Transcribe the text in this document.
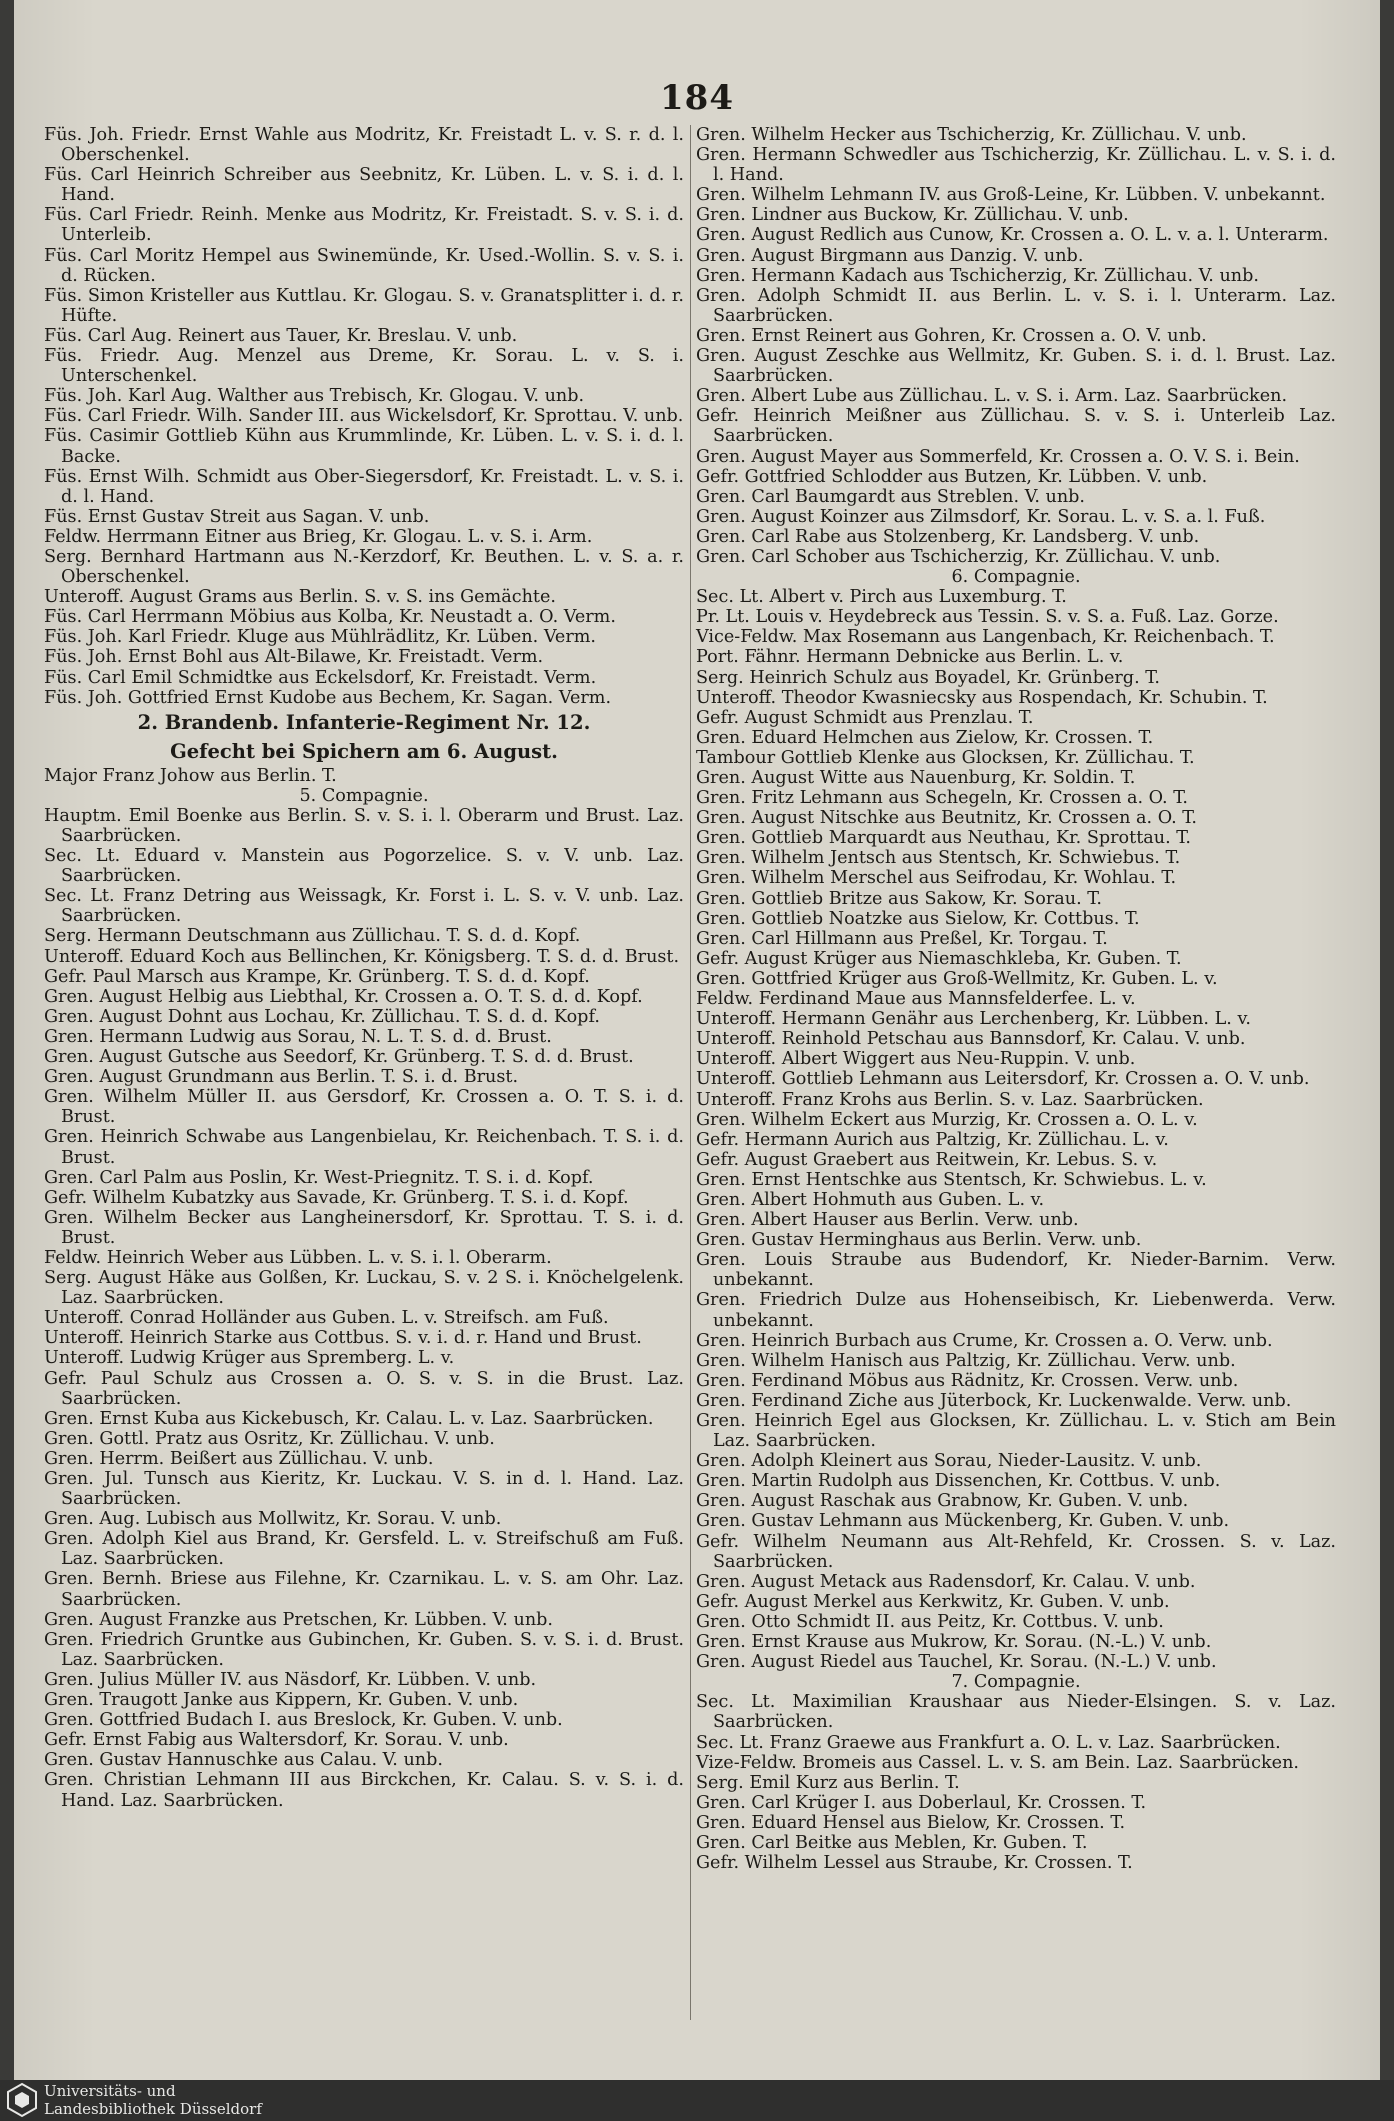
184
Füs. Joh. Friedr. Ernst Wahle aus Modritz, Kr. Freistadt L. v. S. r. d. l. Oberschenkel.
Füs. Carl Heinrich Schreiber aus Seebnitz, Kr. Lüben. L. v. S. i. d. l. Hand.
Füs. Carl Friedr. Reinh. Menke aus Modritz, Kr. Freistadt. S. v. S. i. d. Unterleib.
Füs. Carl Moritz Hempel aus Swinemünde, Kr. Used.-Wollin. S. v. S. i. d. Rücken.
Füs. Simon Kristeller aus Kuttlau. Kr. Glogau. S. v. Granatsplitter i. d. r. Hüfte.
Füs. Carl Aug. Reinert aus Tauer, Kr. Breslau. V. unb.
Füs. Friedr. Aug. Menzel aus Dreme, Kr. Sorau. L. v. S. i. Unterschenkel.
Füs. Joh. Karl Aug. Walther aus Trebisch, Kr. Glogau. V. unb.
Füs. Carl Friedr. Wilh. Sander III. aus Wickelsdorf, Kr. Sprottau. V. unb.
Füs. Casimir Gottlieb Kühn aus Krummlinde, Kr. Lüben. L. v. S. i. d. l. Backe.
Füs. Ernst Wilh. Schmidt aus Ober-Siegersdorf, Kr. Freistadt. L. v. S. i. d. l. Hand.
Füs. Ernst Gustav Streit aus Sagan. V. unb.
Feldw. Herrmann Eitner aus Brieg, Kr. Glogau. L. v. S. i. Arm.
Serg. Bernhard Hartmann aus N.-Kerzdorf, Kr. Beuthen. L. v. S. a. r. Oberschenkel.
Unteroff. August Grams aus Berlin. S. v. S. ins Gemächte.
Füs. Carl Herrmann Möbius aus Kolba, Kr. Neustadt a. O. Verm.
Füs. Joh. Karl Friedr. Kluge aus Mühlrädlitz, Kr. Lüben. Verm.
Füs. Joh. Ernst Bohl aus Alt-Bilawe, Kr. Freistadt. Verm.
Füs. Carl Emil Schmidtke aus Eckelsdorf, Kr. Freistadt. Verm.
Füs. Joh. Gottfried Ernst Kudobe aus Bechem, Kr. Sagan. Verm.
2. Brandenb. Infanterie-Regiment Nr. 12.
Gefecht bei Spichern am 6. August.
Major Franz Johow aus Berlin. T.
5. Compagnie.
Hauptm. Emil Boenke aus Berlin. S. v. S. i. l. Oberarm und Brust. Laz. Saarbrücken.
Sec. Lt. Eduard v. Manstein aus Pogorzelice. S. v. V. unb. Laz. Saarbrücken.
Sec. Lt. Franz Detring aus Weissagk, Kr. Forst i. L. S. v. V. unb. Laz. Saarbrücken.
Serg. Hermann Deutschmann aus Züllichau. T. S. d. d. Kopf.
Unteroff. Eduard Koch aus Bellinchen, Kr. Königsberg. T. S. d. d. Brust.
Gefr. Paul Marsch aus Krampe, Kr. Grünberg. T. S. d. d. Kopf.
Gren. August Helbig aus Liebthal, Kr. Crossen a. O. T. S. d. d. Kopf.
Gren. August Dohnt aus Lochau, Kr. Züllichau. T. S. d. d. Kopf.
Gren. Hermann Ludwig aus Sorau, N. L. T. S. d. d. Brust.
Gren. August Gutsche aus Seedorf, Kr. Grünberg. T. S. d. d. Brust.
Gren. August Grundmann aus Berlin. T. S. i. d. Brust.
Gren. Wilhelm Müller II. aus Gersdorf, Kr. Crossen a. O. T. S. i. d. Brust.
Gren. Heinrich Schwabe aus Langenbielau, Kr. Reichenbach. T. S. i. d. Brust.
Gren. Carl Palm aus Poslin, Kr. West-Priegnitz. T. S. i. d. Kopf.
Gefr. Wilhelm Kubatzky aus Savade, Kr. Grünberg. T. S. i. d. Kopf.
Gren. Wilhelm Becker aus Langheinersdorf, Kr. Sprottau. T. S. i. d. Brust.
Feldw. Heinrich Weber aus Lübben. L. v. S. i. l. Oberarm.
Serg. August Häke aus Golßen, Kr. Luckau, S. v. 2 S. i. Knöchelgelenk. Laz. Saarbrücken.
Unteroff. Conrad Holländer aus Guben. L. v. Streifsch. am Fuß.
Unteroff. Heinrich Starke aus Cottbus. S. v. i. d. r. Hand und Brust.
Unteroff. Ludwig Krüger aus Spremberg. L. v.
Gefr. Paul Schulz aus Crossen a. O. S. v. S. in die Brust. Laz. Saarbrücken.
Gren. Ernst Kuba aus Kickebusch, Kr. Calau. L. v. Laz. Saarbrücken.
Gren. Gottl. Pratz aus Osritz, Kr. Züllichau. V. unb.
Gren. Herrm. Beißert aus Züllichau. V. unb.
Gren. Jul. Tunsch aus Kieritz, Kr. Luckau. V. S. in d. l. Hand. Laz. Saarbrücken.
Gren. Aug. Lubisch aus Mollwitz, Kr. Sorau. V. unb.
Gren. Adolph Kiel aus Brand, Kr. Gersfeld. L. v. Streifschuß am Fuß. Laz. Saarbrücken.
Gren. Bernh. Briese aus Filehne, Kr. Czarnikau. L. v. S. am Ohr. Laz. Saarbrücken.
Gren. August Franzke aus Pretschen, Kr. Lübben. V. unb.
Gren. Friedrich Gruntke aus Gubinchen, Kr. Guben. S. v. S. i. d. Brust. Laz. Saarbrücken.
Gren. Julius Müller IV. aus Näsdorf, Kr. Lübben. V. unb.
Gren. Traugott Janke aus Kippern, Kr. Guben. V. unb.
Gren. Gottfried Budach I. aus Breslock, Kr. Guben. V. unb.
Gefr. Ernst Fabig aus Waltersdorf, Kr. Sorau. V. unb.
Gren. Gustav Hannuschke aus Calau. V. unb.
Gren. Christian Lehmann III aus Birckchen, Kr. Calau. S. v. S. i. d. Hand. Laz. Saarbrücken.
Gren. Wilhelm Hecker aus Tschicherzig, Kr. Züllichau. V. unb.
Gren. Hermann Schwedler aus Tschicherzig, Kr. Züllichau. L. v. S. i. d. l. Hand.
Gren. Wilhelm Lehmann IV. aus Groß-Leine, Kr. Lübben. V. unbekannt.
Gren. Lindner aus Buckow, Kr. Züllichau. V. unb.
Gren. August Redlich aus Cunow, Kr. Crossen a. O. L. v. a. l. Unterarm.
Gren. August Birgmann aus Danzig. V. unb.
Gren. Hermann Kadach aus Tschicherzig, Kr. Züllichau. V. unb.
Gren. Adolph Schmidt II. aus Berlin. L. v. S. i. l. Unterarm. Laz. Saarbrücken.
Gren. Ernst Reinert aus Gohren, Kr. Crossen a. O. V. unb.
Gren. August Zeschke aus Wellmitz, Kr. Guben. S. i. d. l. Brust. Laz. Saarbrücken.
Gren. Albert Lube aus Züllichau. L. v. S. i. Arm. Laz. Saarbrücken.
Gefr. Heinrich Meißner aus Züllichau. S. v. S. i. Unterleib Laz. Saarbrücken.
Gren. August Mayer aus Sommerfeld, Kr. Crossen a. O. V. S. i. Bein.
Gefr. Gottfried Schlodder aus Butzen, Kr. Lübben. V. unb.
Gren. Carl Baumgardt aus Streblen. V. unb.
Gren. August Koinzer aus Zilmsdorf, Kr. Sorau. L. v. S. a. l. Fuß.
Gren. Carl Rabe aus Stolzenberg, Kr. Landsberg. V. unb.
Gren. Carl Schober aus Tschicherzig, Kr. Züllichau. V. unb.
6. Compagnie.
Sec. Lt. Albert v. Pirch aus Luxemburg. T.
Pr. Lt. Louis v. Heydebreck aus Tessin. S. v. S. a. Fuß. Laz. Gorze.
Vice-Feldw. Max Rosemann aus Langenbach, Kr. Reichenbach. T.
Port. Fähnr. Hermann Debnicke aus Berlin. L. v.
Serg. Heinrich Schulz aus Boyadel, Kr. Grünberg. T.
Unteroff. Theodor Kwasniecsky aus Rospendach, Kr. Schubin. T.
Gefr. August Schmidt aus Prenzlau. T.
Gren. Eduard Helmchen aus Zielow, Kr. Crossen. T.
Tambour Gottlieb Klenke aus Glocksen, Kr. Züllichau. T.
Gren. August Witte aus Nauenburg, Kr. Soldin. T.
Gren. Fritz Lehmann aus Schegeln, Kr. Crossen a. O. T.
Gren. August Nitschke aus Beutnitz, Kr. Crossen a. O. T.
Gren. Gottlieb Marquardt aus Neuthau, Kr. Sprottau. T.
Gren. Wilhelm Jentsch aus Stentsch, Kr. Schwiebus. T.
Gren. Wilhelm Merschel aus Seifrodau, Kr. Wohlau. T.
Gren. Gottlieb Britze aus Sakow, Kr. Sorau. T.
Gren. Gottlieb Noatzke aus Sielow, Kr. Cottbus. T.
Gren. Carl Hillmann aus Preßel, Kr. Torgau. T.
Gefr. August Krüger aus Niemaschkleba, Kr. Guben. T.
Gren. Gottfried Krüger aus Groß-Wellmitz, Kr. Guben. L. v.
Feldw. Ferdinand Maue aus Mannsfelderfee. L. v.
Unteroff. Hermann Genähr aus Lerchenberg, Kr. Lübben. L. v.
Unteroff. Reinhold Petschau aus Bannsdorf, Kr. Calau. V. unb.
Unteroff. Albert Wiggert aus Neu-Ruppin. V. unb.
Unteroff. Gottlieb Lehmann aus Leitersdorf, Kr. Crossen a. O. V. unb.
Unteroff. Franz Krohs aus Berlin. S. v. Laz. Saarbrücken.
Gren. Wilhelm Eckert aus Murzig, Kr. Crossen a. O. L. v.
Gefr. Hermann Aurich aus Paltzig, Kr. Züllichau. L. v.
Gefr. August Graebert aus Reitwein, Kr. Lebus. S. v.
Gren. Ernst Hentschke aus Stentsch, Kr. Schwiebus. L. v.
Gren. Albert Hohmuth aus Guben. L. v.
Gren. Albert Hauser aus Berlin. Verw. unb.
Gren. Gustav Herminghaus aus Berlin. Verw. unb.
Gren. Louis Straube aus Budendorf, Kr. Nieder-Barnim. Verw. unbekannt.
Gren. Friedrich Dulze aus Hohenseibisch, Kr. Liebenwerda. Verw. unbekannt.
Gren. Heinrich Burbach aus Crume, Kr. Crossen a. O. Verw. unb.
Gren. Wilhelm Hanisch aus Paltzig, Kr. Züllichau. Verw. unb.
Gren. Ferdinand Möbus aus Rädnitz, Kr. Crossen. Verw. unb.
Gren. Ferdinand Ziche aus Jüterbock, Kr. Luckenwalde. Verw. unb.
Gren. Heinrich Egel aus Glocksen, Kr. Züllichau. L. v. Stich am Bein Laz. Saarbrücken.
Gren. Adolph Kleinert aus Sorau, Nieder-Lausitz. V. unb.
Gren. Martin Rudolph aus Dissenchen, Kr. Cottbus. V. unb.
Gren. August Raschak aus Grabnow, Kr. Guben. V. unb.
Gren. Gustav Lehmann aus Mückenberg, Kr. Guben. V. unb.
Gefr. Wilhelm Neumann aus Alt-Rehfeld, Kr. Crossen. S. v. Laz. Saarbrücken.
Gren. August Metack aus Radensdorf, Kr. Calau. V. unb.
Gefr. August Merkel aus Kerkwitz, Kr. Guben. V. unb.
Gren. Otto Schmidt II. aus Peitz, Kr. Cottbus. V. unb.
Gren. Ernst Krause aus Mukrow, Kr. Sorau. (N.-L.) V. unb.
Gren. August Riedel aus Tauchel, Kr. Sorau. (N.-L.) V. unb.
7. Compagnie.
Sec. Lt. Maximilian Kraushaar aus Nieder-Elsingen. S. v. Laz. Saarbrücken.
Sec. Lt. Franz Graewe aus Frankfurt a. O. L. v. Laz. Saarbrücken.
Vize-Feldw. Bromeis aus Cassel. L. v. S. am Bein. Laz. Saarbrücken.
Serg. Emil Kurz aus Berlin. T.
Gren. Carl Krüger I. aus Doberlaul, Kr. Crossen. T.
Gren. Eduard Hensel aus Bielow, Kr. Crossen. T.
Gren. Carl Beitke aus Meblen, Kr. Guben. T.
Gefr. Wilhelm Lessel aus Straube, Kr. Crossen. T.
Universitäts- und
Landesbibliothek Düsseldorf
